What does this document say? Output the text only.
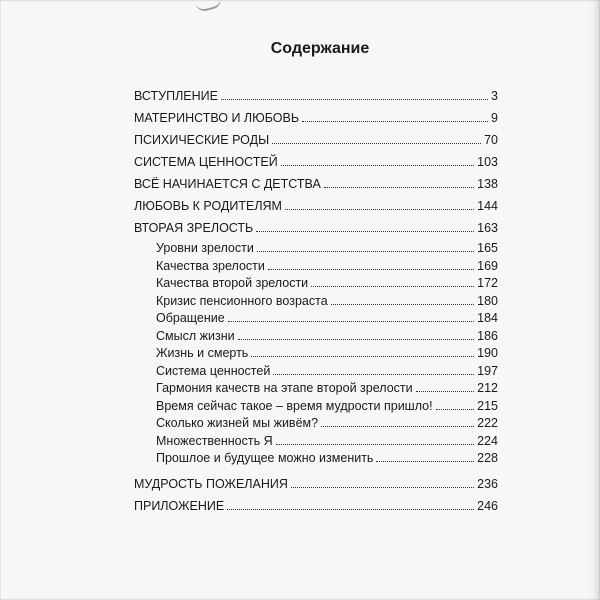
Содержание
ВСТУПЛЕНИЕ	3
МАТЕРИНСТВО И ЛЮБОВЬ	9
ПСИХИЧЕСКИЕ РОДЫ	70
СИСТЕМА ЦЕННОСТЕЙ	103
ВСЁ НАЧИНАЕТСЯ С ДЕТСТВА	138
ЛЮБОВЬ К РОДИТЕЛЯМ	144
ВТОРАЯ ЗРЕЛОСТЬ	163
Уровни зрелости	165
Качества зрелости	169
Качества второй зрелости	172
Кризис пенсионного возраста	180
Обращение	184
Смысл жизни	186
Жизнь и смерть	190
Система ценностей	197
Гармония качеств на этапе второй зрелости	212
Время сейчас такое – время мудрости пришло!	215
Сколько жизней мы живём?	222
Множественность Я	224
Прошлое и будущее можно изменить	228
МУДРОСТЬ ПОЖЕЛАНИЯ	236
ПРИЛОЖЕНИЕ	246
